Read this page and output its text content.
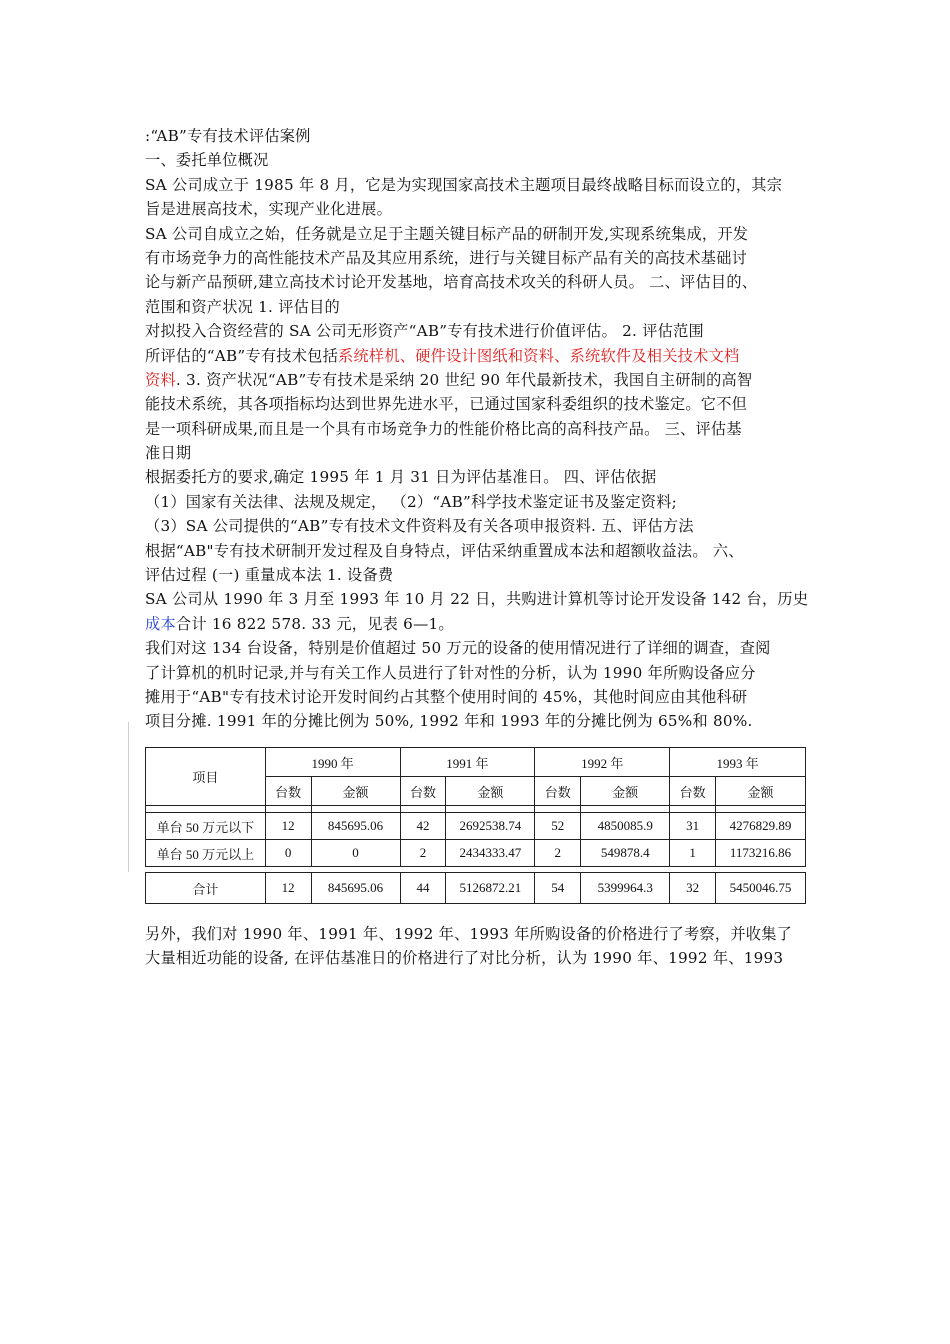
:“AB”专有技术评估案例
一、委托单位概况
SA 公司成立于 1985 年 8 月，它是为实现国家高技术主题项目最终战略目标而设立的，其宗
旨是进展高技术，实现产业化进展。
SA 公司自成立之始，任务就是立足于主题关键目标产品的研制开发,实现系统集成，开发
有市场竞争力的高性能技术产品及其应用系统，进行与关键目标产品有关的高技术基础讨
论与新产品预研,建立高技术讨论开发基地，培育高技术攻关的科研人员。 二、评估目的、
范围和资产状况 1. 评估目的
对拟投入合资经营的 SA 公司无形资产“AB”专有技术进行价值评估。 2. 评估范围
所评估的“AB”专有技术包括系统样机、硬件设计图纸和资料、系统软件及相关技术文档
资料. 3. 资产状况“AB”专有技术是采纳 20 世纪 90 年代最新技术，我国自主研制的高智
能技术系统，其各项指标均达到世界先进水平，已通过国家科委组织的技术鉴定。它不但
是一项科研成果,而且是一个具有市场竞争力的性能价格比高的高科技产品。 三、评估基
准日期
根据委托方的要求,确定 1995 年 1 月 31 日为评估基准日。 四、评估依据
（1）国家有关法律、法规及规定， （2）“AB”科学技术鉴定证书及鉴定资料;
（3）SA 公司提供的“AB”专有技术文件资料及有关各项申报资料. 五、评估方法
根据“AB"专有技术研制开发过程及自身特点，评估采纳重置成本法和超额收益法。 六、
评估过程 (一) 重量成本法 1. 设备费
SA 公司从 1990 年 3 月至 1993 年 10 月 22 日，共购进计算机等讨论开发设备 142 台，历史
成本合计 16 822 578. 33 元，见表 6—1。
我们对这 134 台设备，特别是价值超过 50 万元的设备的使用情况进行了详细的调查，查阅
了计算机的机时记录,并与有关工作人员进行了针对性的分析，认为 1990 年所购设备应分
摊用于“AB"专有技术讨论开发时间约占其整个使用时间的 45%，其他时间应由其他科研
项目分摊. 1991 年的分摊比例为 50%, 1992 年和 1993 年的分摊比例为 65%和 80%.
项目	1990 年		1991 年		1992 年		1993 年	
	台数	金额	台数	金额	台数	金额	台数	金额

单台 50 万元以下	12	845695.06	42	2692538.74	52	4850085.9	31	4276829.89
单台 50 万元以上	0	0	2	2434333.47	2	549878.4	1	1173216.86
合计	12	845695.06	44	5126872.21	54	5399964.3	32	5450046.75
另外，我们对 1990 年、1991 年、1992 年、1993 年所购设备的价格进行了考察，并收集了
大量相近功能的设备, 在评估基准日的价格进行了对比分析，认为 1990 年、1992 年、1993
